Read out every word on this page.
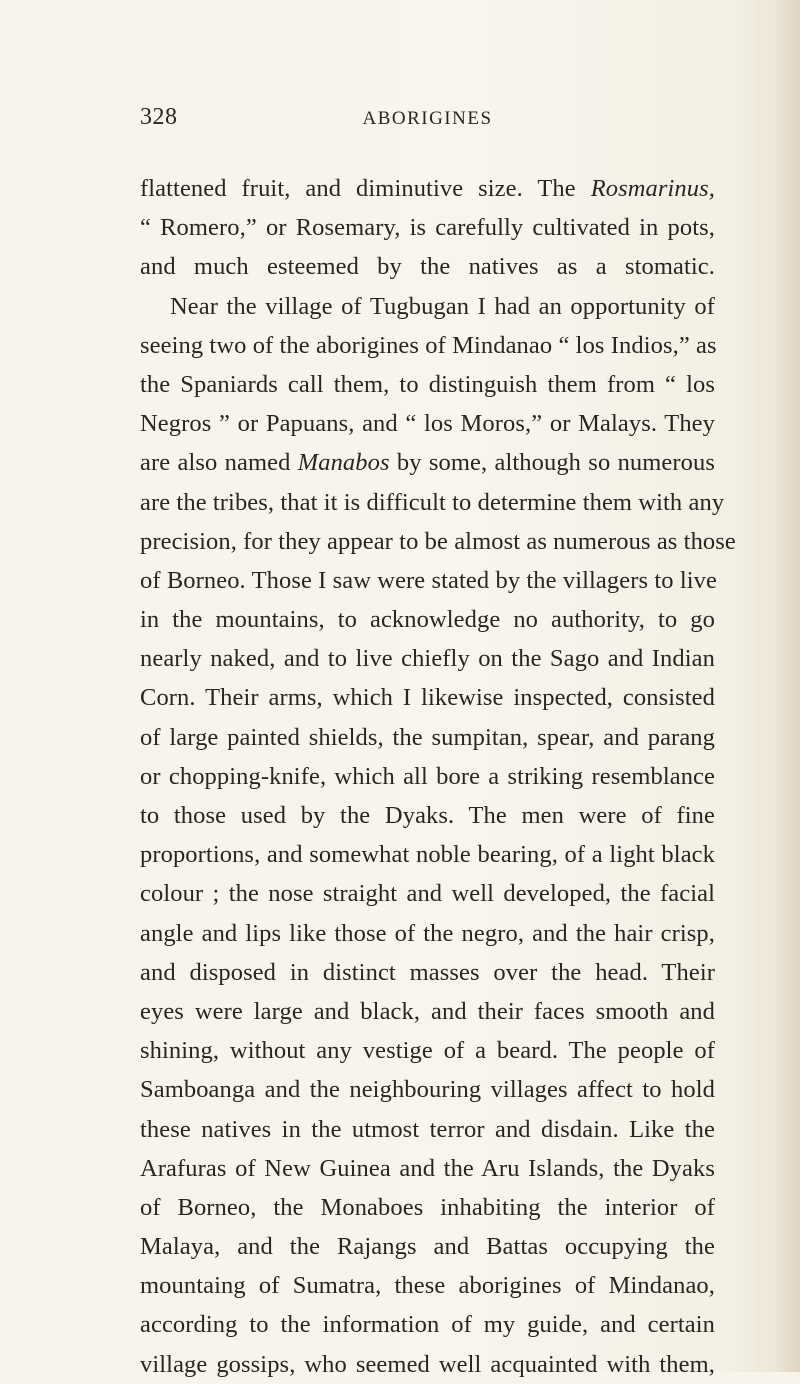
328	ABORIGINES
flattened fruit, and diminutive size. The Rosmarinus,
“ Romero,” or Rosemary, is carefully cultivated in pots,
and much esteemed by the natives as a stomatic.
Near the village of Tugbugan I had an opportunity of
seeing two of the aborigines of Mindanao “ los Indios,” as
the Spaniards call them, to distinguish them from “ los
Negros ” or Papuans, and “ los Moros,” or Malays. They
are also named Manabos by some, although so numerous
are the tribes, that it is difficult to determine them with any
precision, for they appear to be almost as numerous as those
of Borneo. Those I saw were stated by the villagers to live
in the mountains, to acknowledge no authority, to go
nearly naked, and to live chiefly on the Sago and Indian
Corn. Their arms, which I likewise inspected, consisted
of large painted shields, the sumpitan, spear, and parang
or chopping-knife, which all bore a striking resemblance
to those used by the Dyaks. The men were of fine
proportions, and somewhat noble bearing, of a light black
colour ; the nose straight and well developed, the facial
angle and lips like those of the negro, and the hair crisp,
and disposed in distinct masses over the head. Their
eyes were large and black, and their faces smooth and
shining, without any vestige of a beard. The people of
Samboanga and the neighbouring villages affect to hold
these natives in the utmost terror and disdain. Like the
Arafuras of New Guinea and the Aru Islands, the Dyaks
of Borneo, the Monaboes inhabiting the interior of
Malaya, and the Rajangs and Battas occupying the
mountaing of Sumatra, these aborigines of Mindanao,
according to the information of my guide, and certain
village gossips, who seemed well acquainted with them,
